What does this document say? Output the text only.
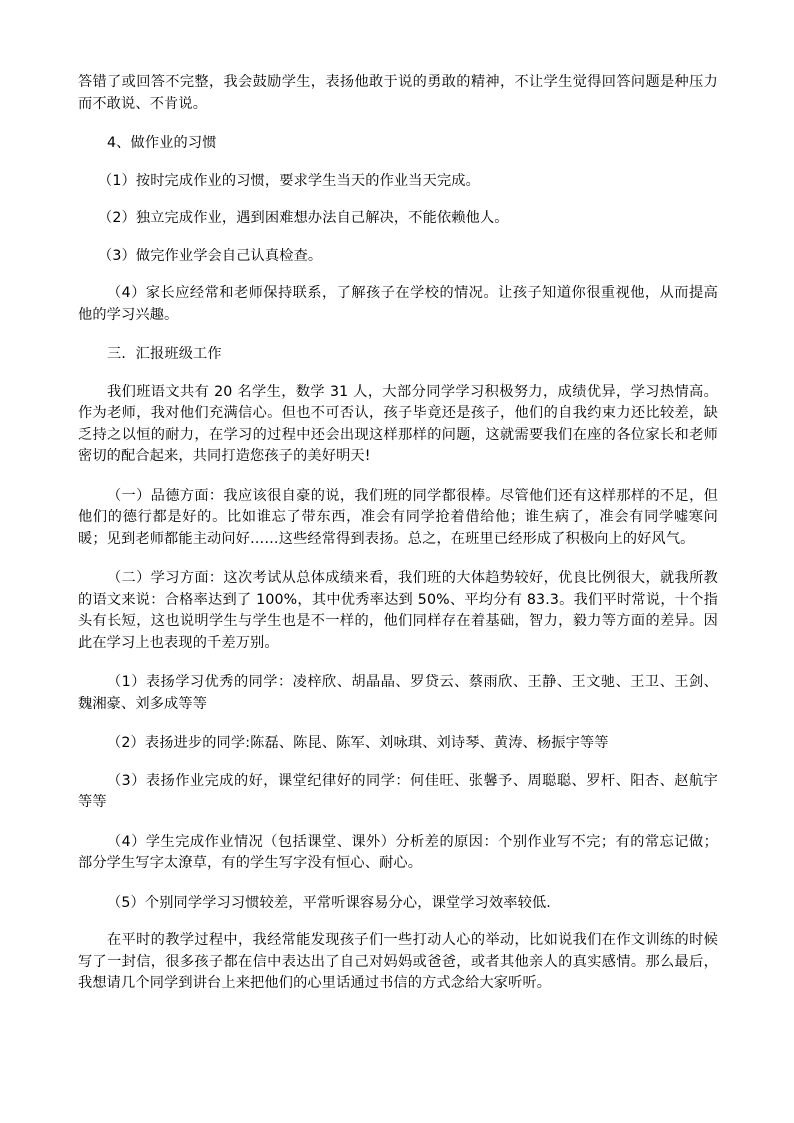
答错了或回答不完整，我会鼓励学生，表扬他敢于说的勇敢的精神，不让学生觉得回答问题是种压力而不敢说、不肯说。

4、做作业的习惯

（1）按时完成作业的习惯，要求学生当天的作业当天完成。

（2）独立完成作业，遇到困难想办法自己解决，不能依赖他人。

（3）做完作业学会自己认真检查。

（4）家长应经常和老师保持联系，了解孩子在学校的情况。让孩子知道你很重视他，从而提高他的学习兴趣。

三．汇报班级工作

我们班语文共有 20 名学生，数学 31 人，大部分同学学习积极努力，成绩优异，学习热情高。作为老师，我对他们充满信心。但也不可否认，孩子毕竟还是孩子，他们的自我约束力还比较差，缺乏持之以恒的耐力，在学习的过程中还会出现这样那样的问题，这就需要我们在座的各位家长和老师密切的配合起来，共同打造您孩子的美好明天!

（一）品德方面：我应该很自豪的说，我们班的同学都很棒。尽管他们还有这样那样的不足，但他们的德行都是好的。比如谁忘了带东西，准会有同学抢着借给他；谁生病了，准会有同学嘘寒问暖；见到老师都能主动问好……这些经常得到表扬。总之，在班里已经形成了积极向上的好风气。

（二）学习方面：这次考试从总体成绩来看，我们班的大体趋势较好，优良比例很大，就我所教的语文来说：合格率达到了 100%，其中优秀率达到 50%、平均分有 83.3。我们平时常说，十个指头有长短，这也说明学生与学生也是不一样的，他们同样存在着基础，智力，毅力等方面的差异。因此在学习上也表现的千差万别。

（1）表扬学习优秀的同学：凌梓欣、胡晶晶、罗贷云、蔡雨欣、王静、王文驰、王卫、王剑、魏湘豪、刘多成等等

（2）表扬进步的同学:陈磊、陈昆、陈军、刘咏琪、刘诗琴、黄涛、杨振宇等等

（3）表扬作业完成的好，课堂纪律好的同学：何佳旺、张馨予、周聪聪、罗杆、阳杏、赵航宇等等

（4）学生完成作业情况（包括课堂、课外）分析差的原因：个别作业写不完；有的常忘记做；部分学生写字太潦草，有的学生写字没有恒心、耐心。

（5）个别同学学习习惯较差，平常听课容易分心，课堂学习效率较低.

在平时的教学过程中，我经常能发现孩子们一些打动人心的举动，比如说我们在作文训练的时候写了一封信，很多孩子都在信中表达出了自己对妈妈或爸爸，或者其他亲人的真实感情。那么最后，我想请几个同学到讲台上来把他们的心里话通过书信的方式念给大家听听。
